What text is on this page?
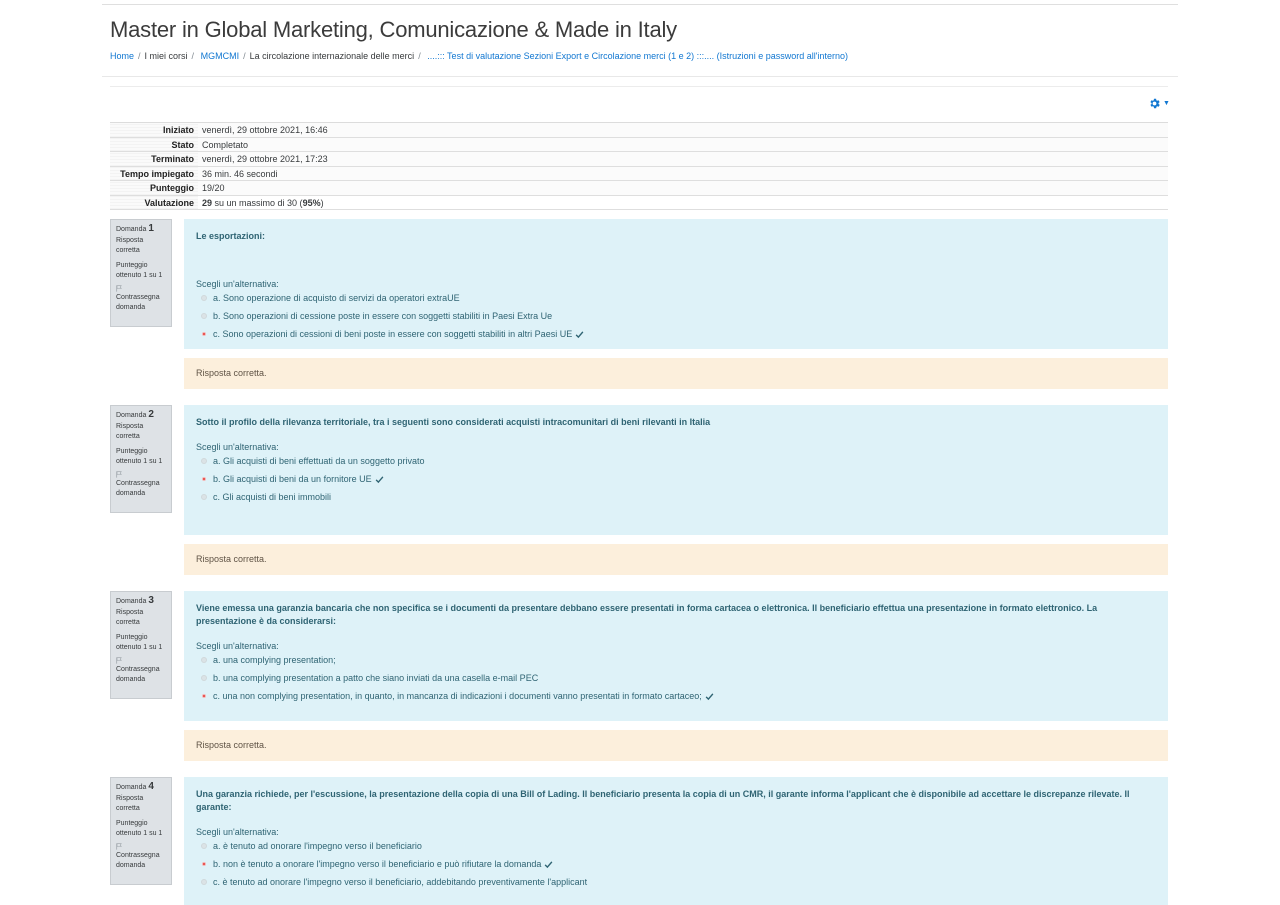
Master in Global Marketing, Comunicazione & Made in Italy
Home / I miei corsi / MGMCMI / La circolazione internazionale delle merci / ....::: Test di valutazione Sezioni Export e Circolazione merci (1 e 2) :::.... (Istruzioni e password all'interno)
▼
Iniziato venerdì, 29 ottobre 2021, 16:46
Stato Completato
Terminato venerdì, 29 ottobre 2021, 17:23
Tempo impiegato 36 min. 46 secondi
Punteggio 19/20
Valutazione 29 su un massimo di 30 (95%)
Domanda 1
Risposta corretta
Punteggio ottenuto 1 su 1
Contrassegna domanda
Le esportazioni:
Scegli un'alternativa:
a. Sono operazione di acquisto di servizi da operatori extraUE
b. Sono operazioni di cessione poste in essere con soggetti stabiliti in Paesi Extra Ue
c. Sono operazioni di cessioni di beni poste in essere con soggetti stabiliti in altri Paesi UE
Risposta corretta.
Domanda 2
Risposta corretta
Punteggio ottenuto 1 su 1
Contrassegna domanda
Sotto il profilo della rilevanza territoriale, tra i seguenti sono considerati acquisti intracomunitari di beni rilevanti in Italia
Scegli un'alternativa:
a. Gli acquisti di beni effettuati da un soggetto privato
b. Gli acquisti di beni da un fornitore UE
c. Gli acquisti di beni immobili
Risposta corretta.
Domanda 3
Risposta corretta
Punteggio ottenuto 1 su 1
Contrassegna domanda
Viene emessa una garanzia bancaria che non specifica se i documenti da presentare debbano essere presentati in forma cartacea o elettronica. Il beneficiario effettua una presentazione in formato elettronico. La presentazione è da considerarsi:
Scegli un'alternativa:
a. una complying presentation;
b. una complying presentation a patto che siano inviati da una casella e-mail PEC
c. una non complying presentation, in quanto, in mancanza di indicazioni i documenti vanno presentati in formato cartaceo;
Risposta corretta.
Domanda 4
Risposta corretta
Punteggio ottenuto 1 su 1
Contrassegna domanda
Una garanzia richiede, per l'escussione, la presentazione della copia di una Bill of Lading. Il beneficiario presenta la copia di un CMR, il garante informa l'applicant che è disponibile ad accettare le discrepanze rilevate. Il garante:
Scegli un'alternativa:
a. è tenuto ad onorare l'impegno verso il beneficiario
b. non è tenuto a onorare l'impegno verso il beneficiario e può rifiutare la domanda
c. è tenuto ad onorare l'impegno verso il beneficiario, addebitando preventivamente l'applicant
